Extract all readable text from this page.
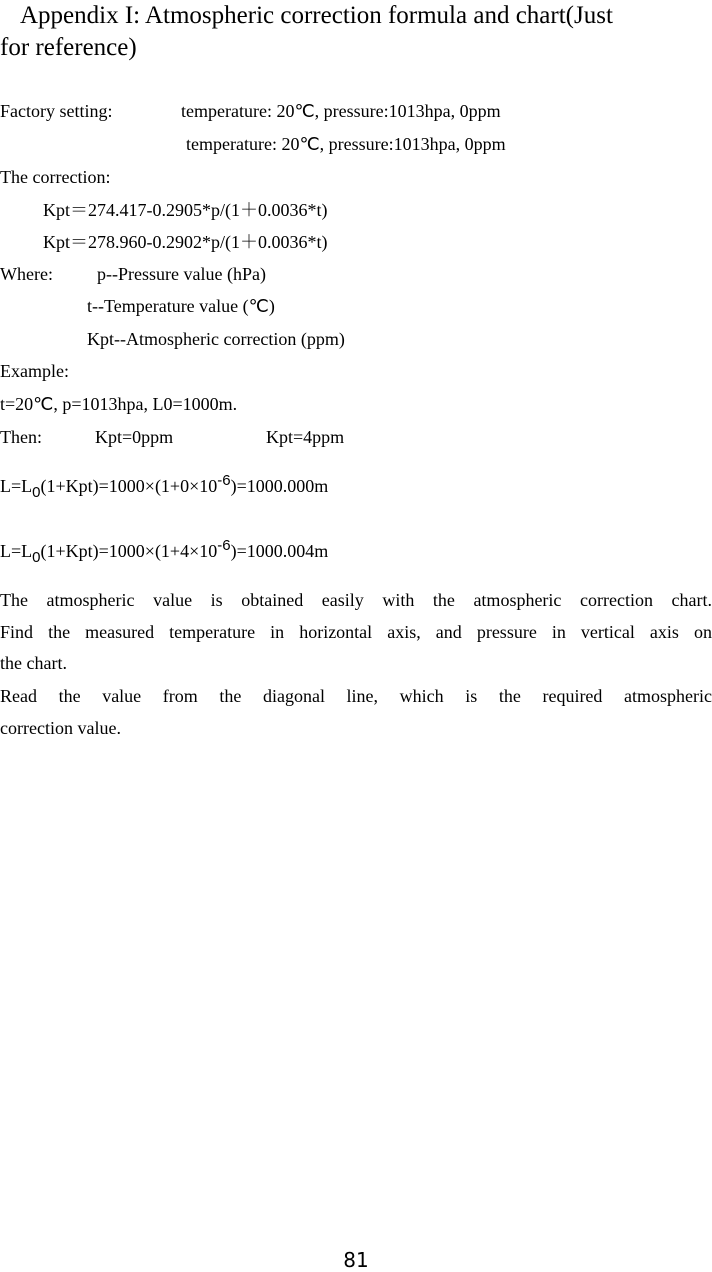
Appendix I: Atmospheric correction formula and chart(Just
for reference)
Factory setting:	temperature: 20℃, pressure:1013hpa, 0ppm
temperature: 20℃, pressure:1013hpa, 0ppm
The correction:
Kpt＝274.417-0.2905*p/(1＋0.0036*t)
Kpt＝278.960-0.2902*p/(1＋0.0036*t)
Where: p--Pressure value (hPa)
t--Temperature value (℃)
Kpt--Atmospheric correction (ppm)
Example:
t=20℃, p=1013hpa, L0=1000m.
Then:	Kpt=0ppm	Kpt=4ppm
$L=L_0(1+Kpt)=1000\times(1+0\times 10^{-6})=1000.000m$
$L=L_0(1+Kpt)=1000\times(1+4\times 10^{-6})=1000.004m$
The atmospheric value is obtained easily with the atmospheric correction chart.
Find the measured temperature in horizontal axis, and pressure in vertical axis on
the chart.
Read the value from the diagonal line, which is the required atmospheric
correction value.
81
